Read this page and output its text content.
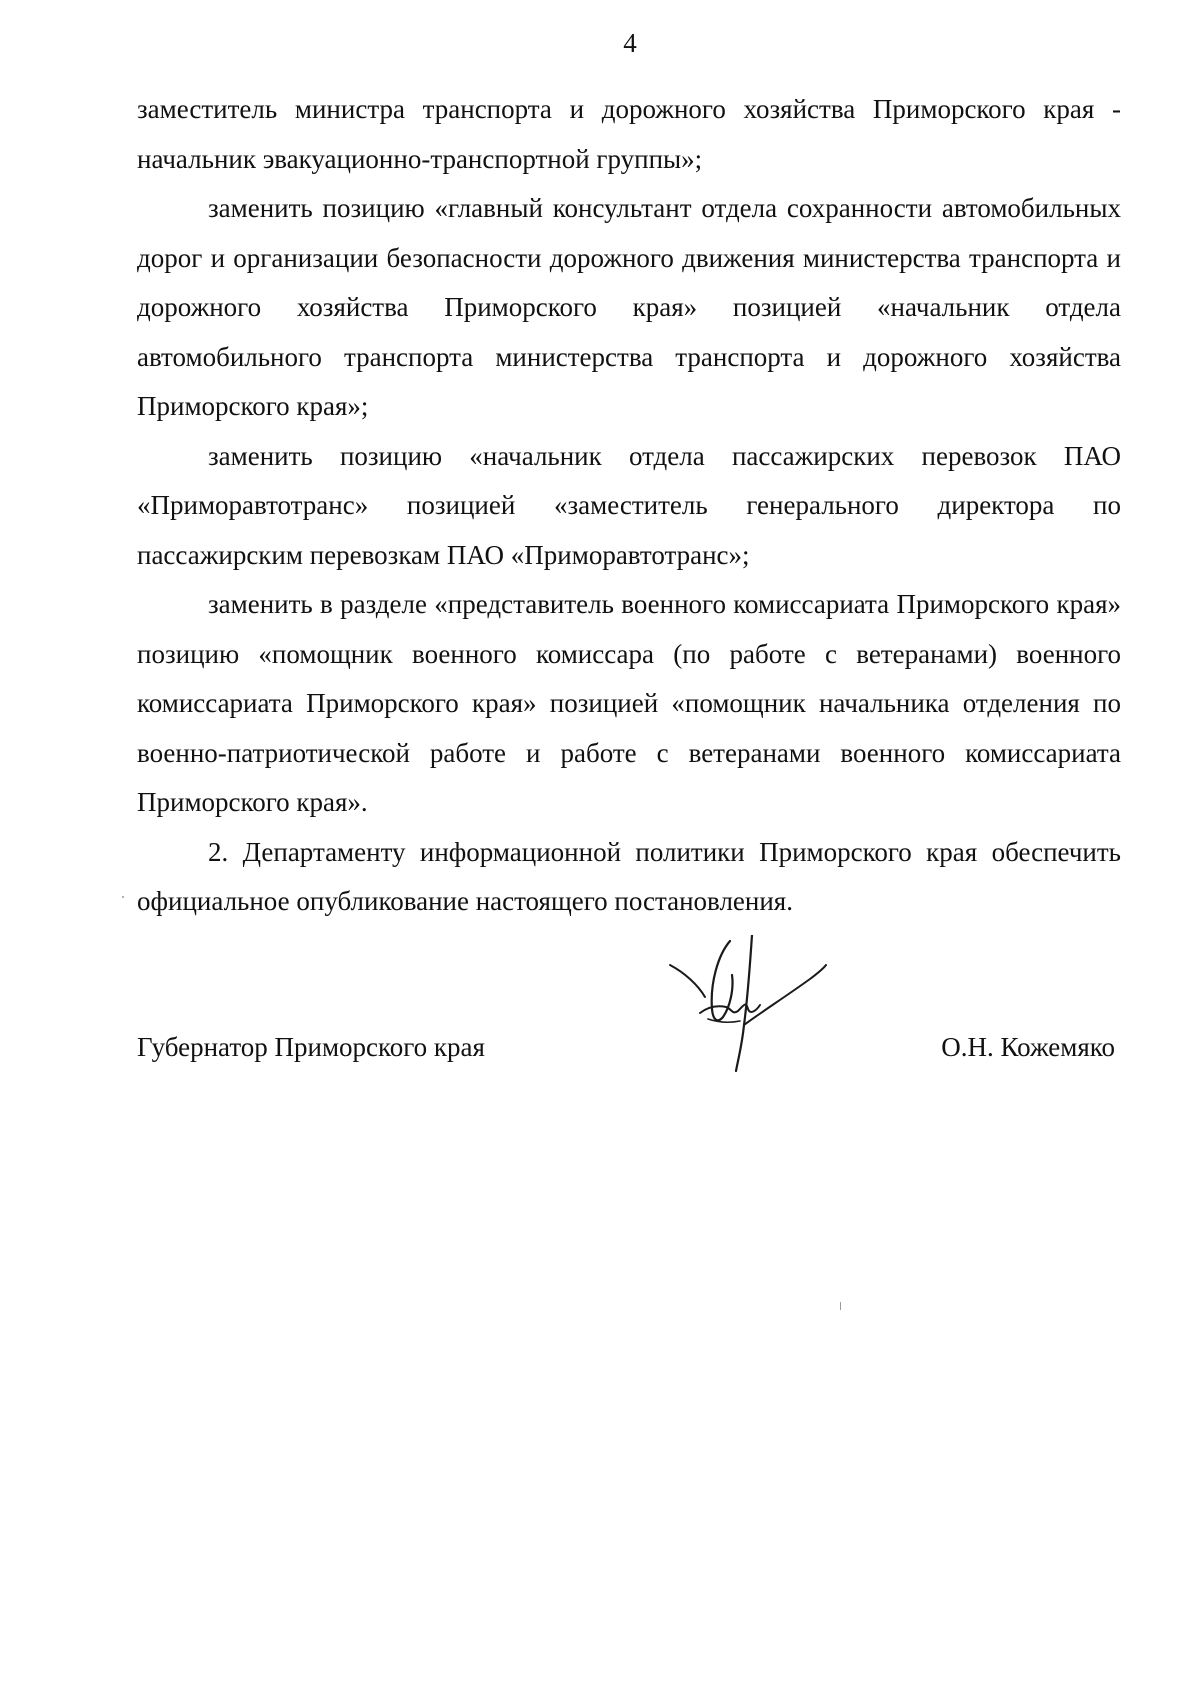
4

заместитель министра транспорта и дорожного хозяйства Приморского края - начальник эвакуационно-транспортной группы»;

заменить позицию «главный консультант отдела сохранности автомобильных дорог и организации безопасности дорожного движения министерства транспорта и дорожного хозяйства Приморского края» позицией «начальник отдела автомобильного транспорта министерства транспорта и дорожного хозяйства Приморского края»;

заменить позицию «начальник отдела пассажирских перевозок ПАО «Приморавтотранс» позицией «заместитель генерального директора по пассажирским перевозкам ПАО «Приморавтотранс»;

заменить в разделе «представитель военного комиссариата Приморского края» позицию «помощник военного комиссара (по работе с ветеранами) военного комиссариата Приморского края» позицией «помощник начальника отделения по военно-патриотической работе и работе с ветеранами военного комиссариата Приморского края».

2. Департаменту информационной политики Приморского края обеспечить официальное опубликование настоящего постановления.

Губернатор Приморского края	О.Н. Кожемяко
